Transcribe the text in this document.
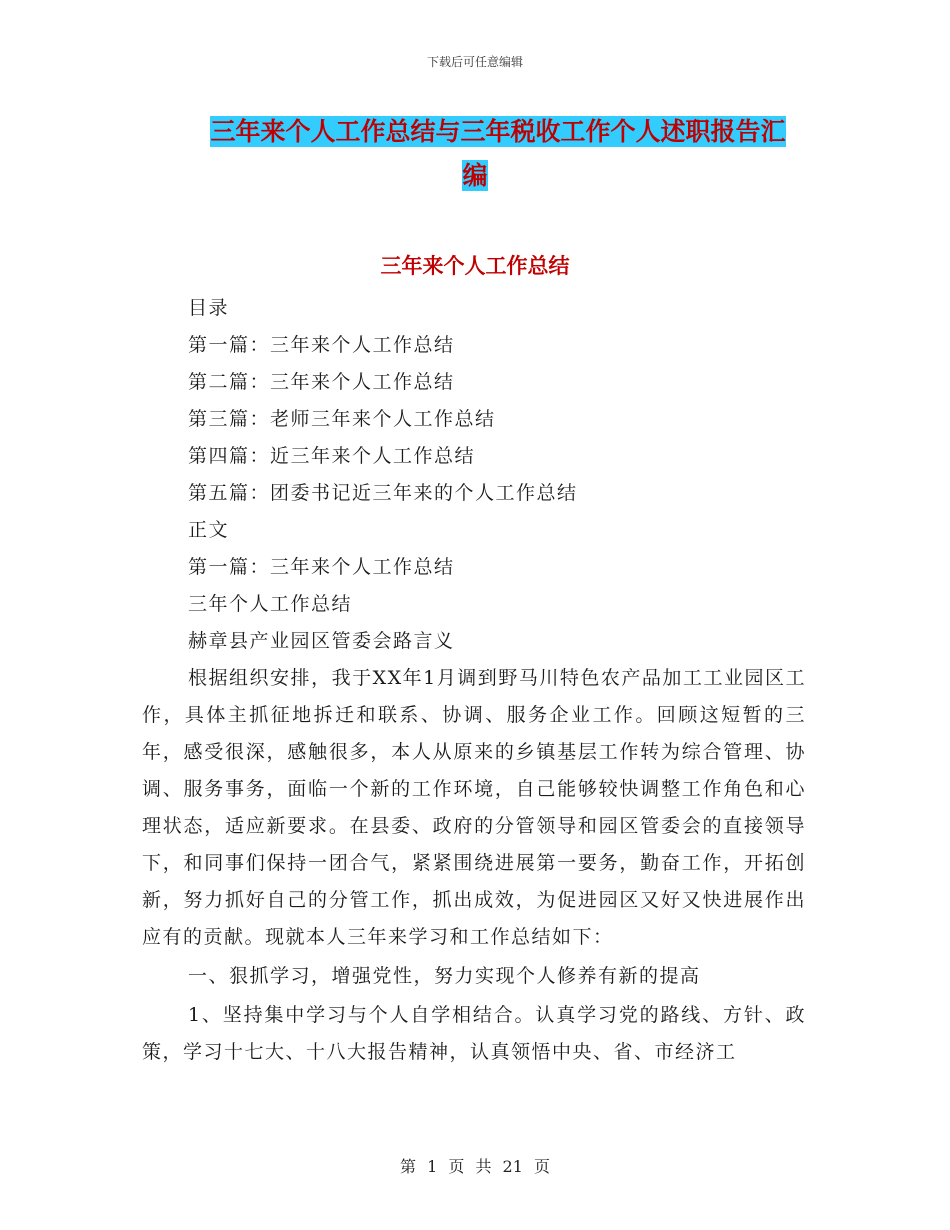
下载后可任意编辑
三年来个人工作总结与三年税收工作个人述职报告汇
编
三年来个人工作总结

目录

第一篇：三年来个人工作总结

第二篇：三年来个人工作总结

第三篇：老师三年来个人工作总结

第四篇：近三年来个人工作总结

第五篇：团委书记近三年来的个人工作总结

正文

第一篇：三年来个人工作总结

三年个人工作总结

赫章县产业园区管委会路言义

根据组织安排，我于XX年1月调到野马川特色农产品加工工业园区工作，具体主抓征地拆迁和联系、协调、服务企业工作。回顾这短暂的三年，感受很深，感触很多，本人从原来的乡镇基层工作转为综合管理、协调、服务事务，面临一个新的工作环境，自己能够较快调整工作角色和心理状态，适应新要求。在县委、政府的分管领导和园区管委会的直接领导下，和同事们保持一团合气，紧紧围绕进展第一要务，勤奋工作，开拓创新，努力抓好自己的分管工作，抓出成效，为促进园区又好又快进展作出应有的贡献。现就本人三年来学习和工作总结如下：

一、狠抓学习，增强党性，努力实现个人修养有新的提高

1、坚持集中学习与个人自学相结合。认真学习党的路线、方针、政策，学习十七大、十八大报告精神，认真领悟中央、省、市经济工

第 1 页 共 21 页
